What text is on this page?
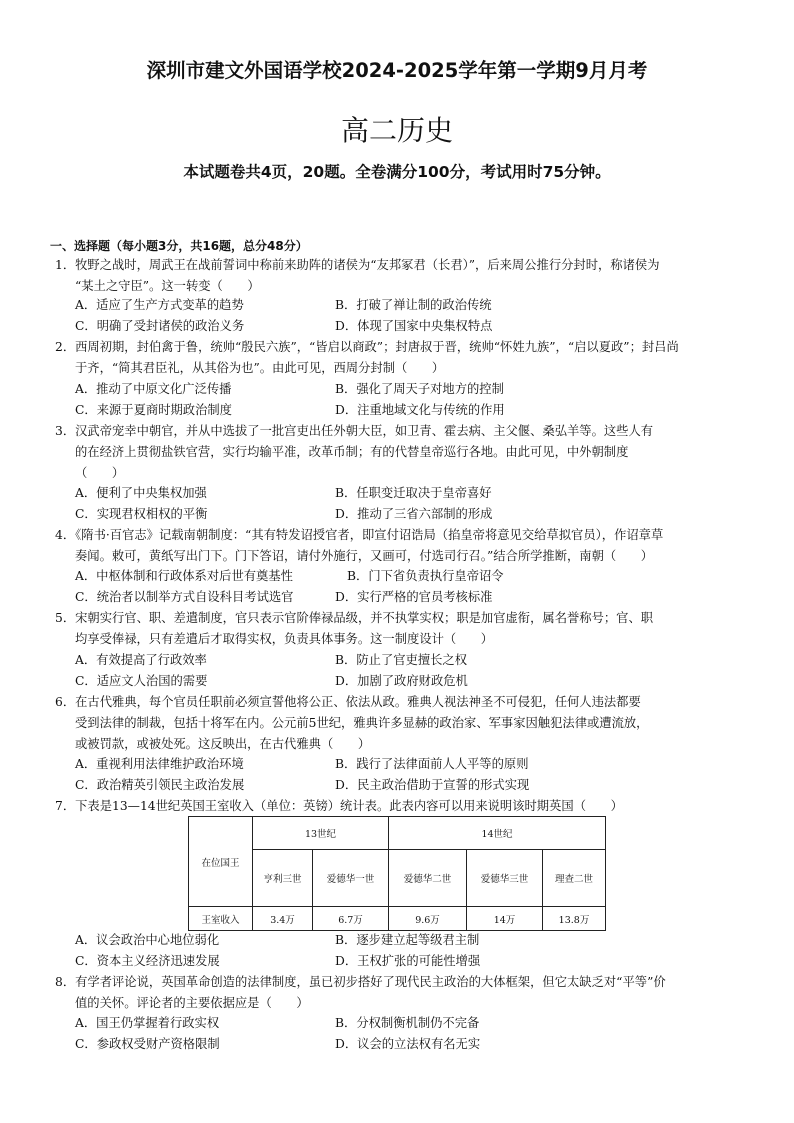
深圳市建文外国语学校2024-2025学年第一学期9月月考
高二历史
本试题卷共4页，20题。全卷满分100分，考试用时75分钟。
一、选择题（每小题3分，共16题，总分48分）

1．牧野之战时，周武王在战前誓词中称前来助阵的诸侯为“友邦冢君（长君）”，后来周公推行分封时，称诸侯为

“某土之守臣”。这一转变（　　）

A．适应了生产方式变革的趋势	B．打破了禅让制的政治传统
C．明确了受封诸侯的政治义务	D．体现了国家中央集权特点

2．西周初期，封伯禽于鲁，统帅“殷民六族”，“皆启以商政”；封唐叔于晋，统帅“怀姓九族”，“启以夏政”；封吕尚

于齐，“简其君臣礼，从其俗为也”。由此可见，西周分封制（　　）

A．推动了中原文化广泛传播	B．强化了周天子对地方的控制
C．来源于夏商时期政治制度	D．注重地域文化与传统的作用

3．汉武帝宠幸中朝官，并从中选拔了一批宫吏出任外朝大臣，如卫青、霍去病、主父偃、桑弘羊等。这些人有

的在经济上贯彻盐铁官营，实行均输平准，改革币制；有的代替皇帝巡行各地。由此可见，中外朝制度

（　　）

A．便利了中央集权加强	B．任职变迁取决于皇帝喜好
C．实现君权相权的平衡	D．推动了三省六部制的形成

4．《隋书·百官志》记载南朝制度：“其有特发诏授官者，即宣付诏诰局（掐皇帝将意见交给草拟官员），作诏章草

奏闻。敕可，黄纸写出门下。门下答诏，请付外施行，又画可，付选司行召。”结合所学推断，南朝（　　）

A．中枢体制和行政体系对后世有奠基性	B．门下省负责执行皇帝诏令
C．统治者以制举方式自设科目考试选官	D．实行严格的官员考核标准

5．宋朝实行官、职、差遣制度，官只表示官阶俸禄品级，并不执掌实权；职是加官虚衔，属名誉称号；官、职

均享受俸禄，只有差遣后才取得实权，负责具体事务。这一制度设计（　　）

A．有效提高了行政效率	B．防止了官吏擅长之权
C．适应文人治国的需要	D．加剧了政府财政危机

6．在古代雅典，每个官员任职前必须宣誓他将公正、依法从政。雅典人视法神圣不可侵犯，任何人违法都要

受到法律的制裁，包括十将军在内。公元前5世纪，雅典许多显赫的政治家、军事家因触犯法律或遭流放，

或被罚款，或被处死。这反映出，在古代雅典（　　）

A．重视利用法律维护政治环境	B．践行了法律面前人人平等的原则
C．政治精英引领民主政治发展	D．民主政治借助于宣誓的形式实现

7．下表是13—14世纪英国王室收入（单位：英镑）统计表。此表内容可以用来说明该时期英国（　　）

在位国王	13世纪		14世纪		
	亨利三世	爱德华一世	爱德华二世	爱德华三世	理查二世
王室收入	3.4万	6.7万	9.6万	14万	13.8万
A．议会政治中心地位弱化	B．逐步建立起等级君主制
C．资本主义经济迅速发展	D．王权扩张的可能性增强

8．有学者评论说，英国革命创造的法律制度，虽已初步搭好了现代民主政治的大体框架，但它太缺乏对“平等”价

值的关怀。评论者的主要依据应是（　　）

A．国王仍掌握着行政实权	B．分权制衡机制仍不完备
C．参政权受财产资格限制	D．议会的立法权有名无实
